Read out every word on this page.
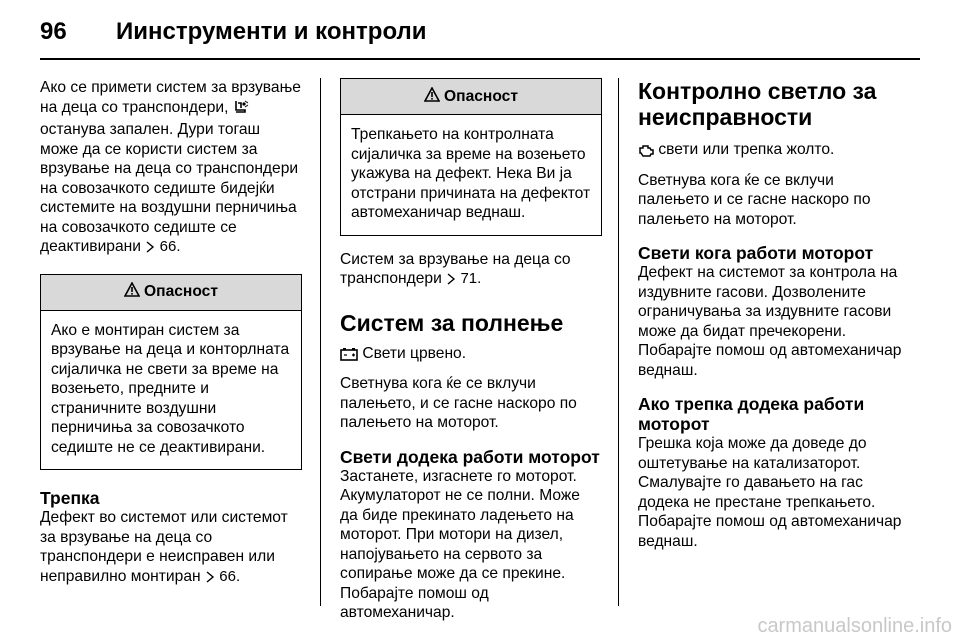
96 Иинструменти и контроли
Ако се примети систем за врзување
на деца со транспондери,  останува запален. Дури тогаш може да се користи систем за врзување на деца со транспондери на совозачкото седиште бидејќи системите на воздушни перничиња на совозачкото седиште се деактивирани 66.
Опасност
Ако е монтиран систем за врзување на деца и конторлната сијаличка не свети за време на возењето, предните и страничните воздушни перничиња за совозачкото седиште не се деактивирани.
Трепка
Дефект во системот или системот за врзување на деца со транспондери е неисправен или неправилно монтиран 66.
Опасност
Трепкањето на контролната сијаличка за време на возењето укажува на дефект. Нека Ви ја отстрани причината на дефектот автомеханичар веднаш.
Систем за врзување на деца со транспондери 71.
Систем за полнење
Свети црвено.
Светнува кога ќе се вклучи палењето, и се гасне наскоро по палењето на моторот.
Свети додека работи моторот
Застанете, изгаснете го моторот. Акумулаторот не се полни. Може да биде прекинато ладењето на моторот. При мотори на дизел, напојувањето на сервото за сопирање може да се прекине. Побарајте помош од автомеханичар.
Контролно светло за неисправности
свети или трепка жолто.
Светнува кога ќе се вклучи палењето и се гасне наскоро по палењето на моторот.
Свети кога работи моторот
Дефект на системот за контрола на издувните гасови. Дозволените ограничувања за издувните гасови може да бидат пречекорени. Побарајте помош од автомеханичар веднаш.
Ако трепка додека работи моторот
Грешка која може да доведе до оштетување на катализаторот. Смалувајте го давањето на гас додека не престане трепкањето. Побарајте помош од автомеханичар веднаш.
carmanualsonline.info
